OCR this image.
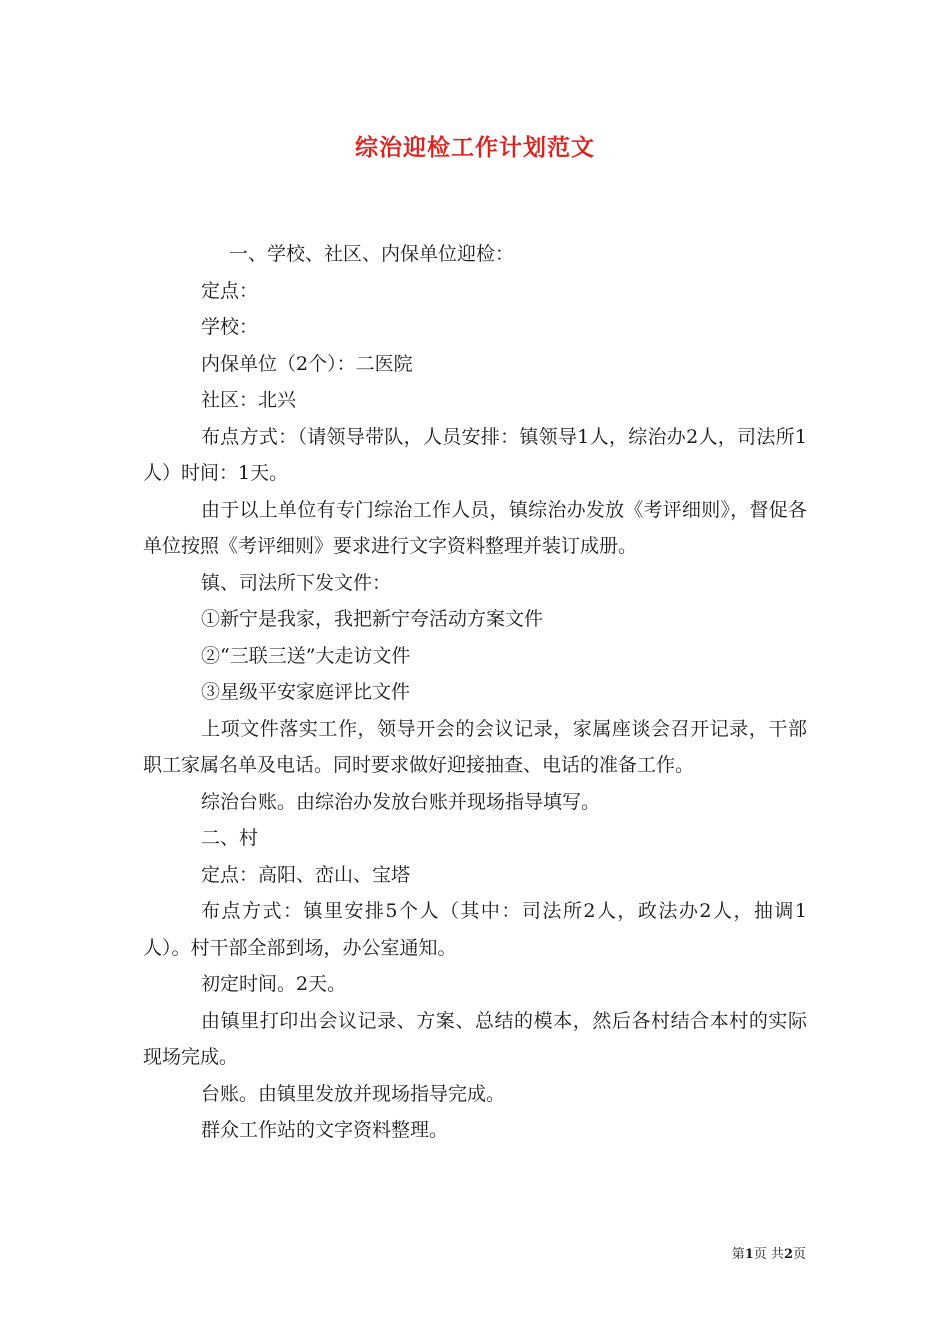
综治迎检工作计划范文

一、学校、社区、内保单位迎检：

定点：

学校：

内保单位（2个）：二医院

社区：北兴

布点方式：（请领导带队，人员安排：镇领导1人，综治办2人，司法所1人）时间：1天。

由于以上单位有专门综治工作人员，镇综治办发放《考评细则》，督促各单位按照《考评细则》要求进行文字资料整理并装订成册。

镇、司法所下发文件：

①新宁是我家，我把新宁夸活动方案文件

②“三联三送”大走访文件

③星级平安家庭评比文件

上项文件落实工作，领导开会的会议记录，家属座谈会召开记录，干部职工家属名单及电话。同时要求做好迎接抽查、电话的准备工作。

综治台账。由综治办发放台账并现场指导填写。

二、村

定点：高阳、峦山、宝塔

布点方式：镇里安排5个人（其中：司法所2人，政法办2人，抽调1人）。村干部全部到场，办公室通知。

初定时间。2天。

由镇里打印出会议记录、方案、总结的模本，然后各村结合本村的实际现场完成。

台账。由镇里发放并现场指导完成。

群众工作站的文字资料整理。

第1页 共2页
